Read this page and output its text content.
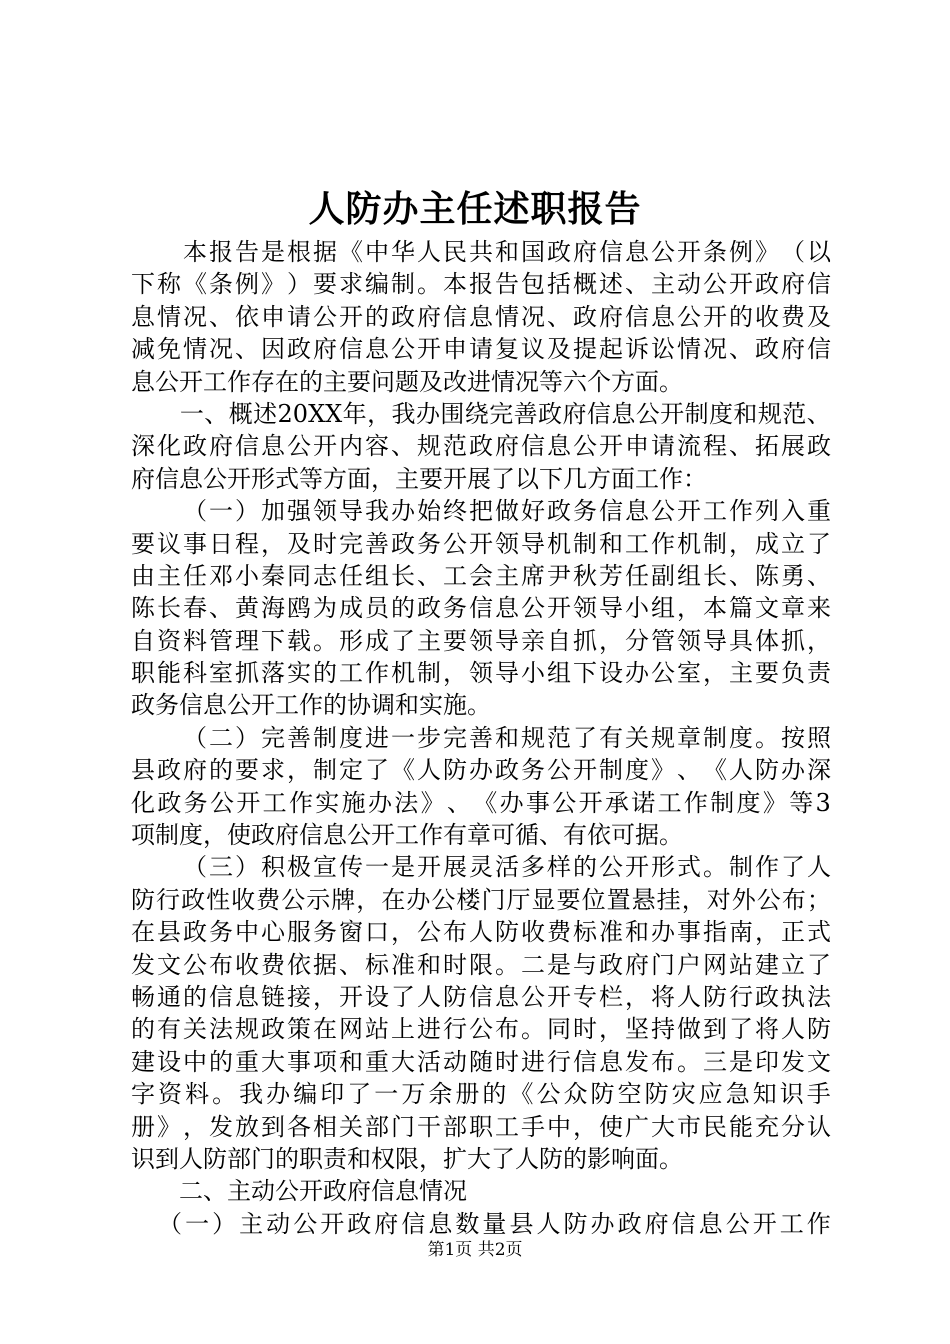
人防办主任述职报告

本 报 告 是 根 据 《 中 华 人 民 共 和 国 政 府 信 息 公 开 条 例 》 （ 以
下 称 《 条 例 》 ） 要 求 编 制 。 本 报 告 包 括 概 述 、 主 动 公 开 政 府 信
息 情 况 、 依 申 请 公 开 的 政 府 信 息 情 况 、 政 府 信 息 公 开 的 收 费 及
减 免 情 况 、 因 政 府 信 息 公 开 申 请 复 议 及 提 起 诉 讼 情 况 、 政 府 信
息 公 开 工 作 存 在 的 主 要 问 题 及 改 进 情 况 等 六 个 方 面 。

一 、 概 述 20XX 年 ， 我 办 围 绕 完 善 政 府 信 息 公 开 制 度 和 规 范 、
深 化 政 府 信 息 公 开 内 容 、 规 范 政 府 信 息 公 开 申 请 流 程 、 拓 展 政
府 信 息 公 开 形 式 等 方 面 ， 主 要 开 展 了 以 下 几 方 面 工 作 ：

（ 一 ） 加 强 领 导 我 办 始 终 把 做 好 政 务 信 息 公 开 工 作 列 入 重
要 议 事 日 程 ， 及 时 完 善 政 务 公 开 领 导 机 制 和 工 作 机 制 ， 成 立 了
由 主 任 邓 小 秦 同 志 任 组 长 、 工 会 主 席 尹 秋 芳 任 副 组 长 、 陈 勇 、
陈 长 春 、 黄 海 鸥 为 成 员 的 政 务 信 息 公 开 领 导 小 组 ， 本 篇 文 章 来
自 资 料 管 理 下 载 。 形 成 了 主 要 领 导 亲 自 抓 ， 分 管 领 导 具 体 抓 ，
职 能 科 室 抓 落 实 的 工 作 机 制 ， 领 导 小 组 下 设 办 公 室 ， 主 要 负 责
政 务 信 息 公 开 工 作 的 协 调 和 实 施 。

（ 二 ） 完 善 制 度 进 一 步 完 善 和 规 范 了 有 关 规 章 制 度 。 按 照
县 政 府 的 要 求 ， 制 定 了 《 人 防 办 政 务 公 开 制 度 》 、 《 人 防 办 深
化 政 务 公 开 工 作 实 施 办 法 》 、 《 办 事 公 开 承 诺 工 作 制 度 》 等 3
项 制 度 ， 使 政 府 信 息 公 开 工 作 有 章 可 循 、 有 依 可 据 。

（ 三 ） 积 极 宣 传 一 是 开 展 灵 活 多 样 的 公 开 形 式 。 制 作 了 人
防 行 政 性 收 费 公 示 牌 ， 在 办 公 楼 门 厅 显 要 位 置 悬 挂 ， 对 外 公 布 ；
在 县 政 务 中 心 服 务 窗 口 ， 公 布 人 防 收 费 标 准 和 办 事 指 南 ， 正 式
发 文 公 布 收 费 依 据 、 标 准 和 时 限 。 二 是 与 政 府 门 户 网 站 建 立 了
畅 通 的 信 息 链 接 ， 开 设 了 人 防 信 息 公 开 专 栏 ， 将 人 防 行 政 执 法
的 有 关 法 规 政 策 在 网 站 上 进 行 公 布 。 同 时 ， 坚 持 做 到 了 将 人 防
建 设 中 的 重 大 事 项 和 重 大 活 动 随 时 进 行 信 息 发 布 。 三 是 印 发 文
字 资 料 。 我 办 编 印 了 一 万 余 册 的 《 公 众 防 空 防 灾 应 急 知 识 手
册 》 ， 发 放 到 各 相 关 部 门 干 部 职 工 手 中 ， 使 广 大 市 民 能 充 分 认
识 到 人 防 部 门 的 职 责 和 权 限 ， 扩 大 了 人 防 的 影 响 面 。

二 、 主 动 公 开 政 府 信 息 情 况

（ 一 ） 主 动 公 开 政 府 信 息 数 量 县 人 防 办 政 府 信 息 公 开 工 作
第1页 共2页
